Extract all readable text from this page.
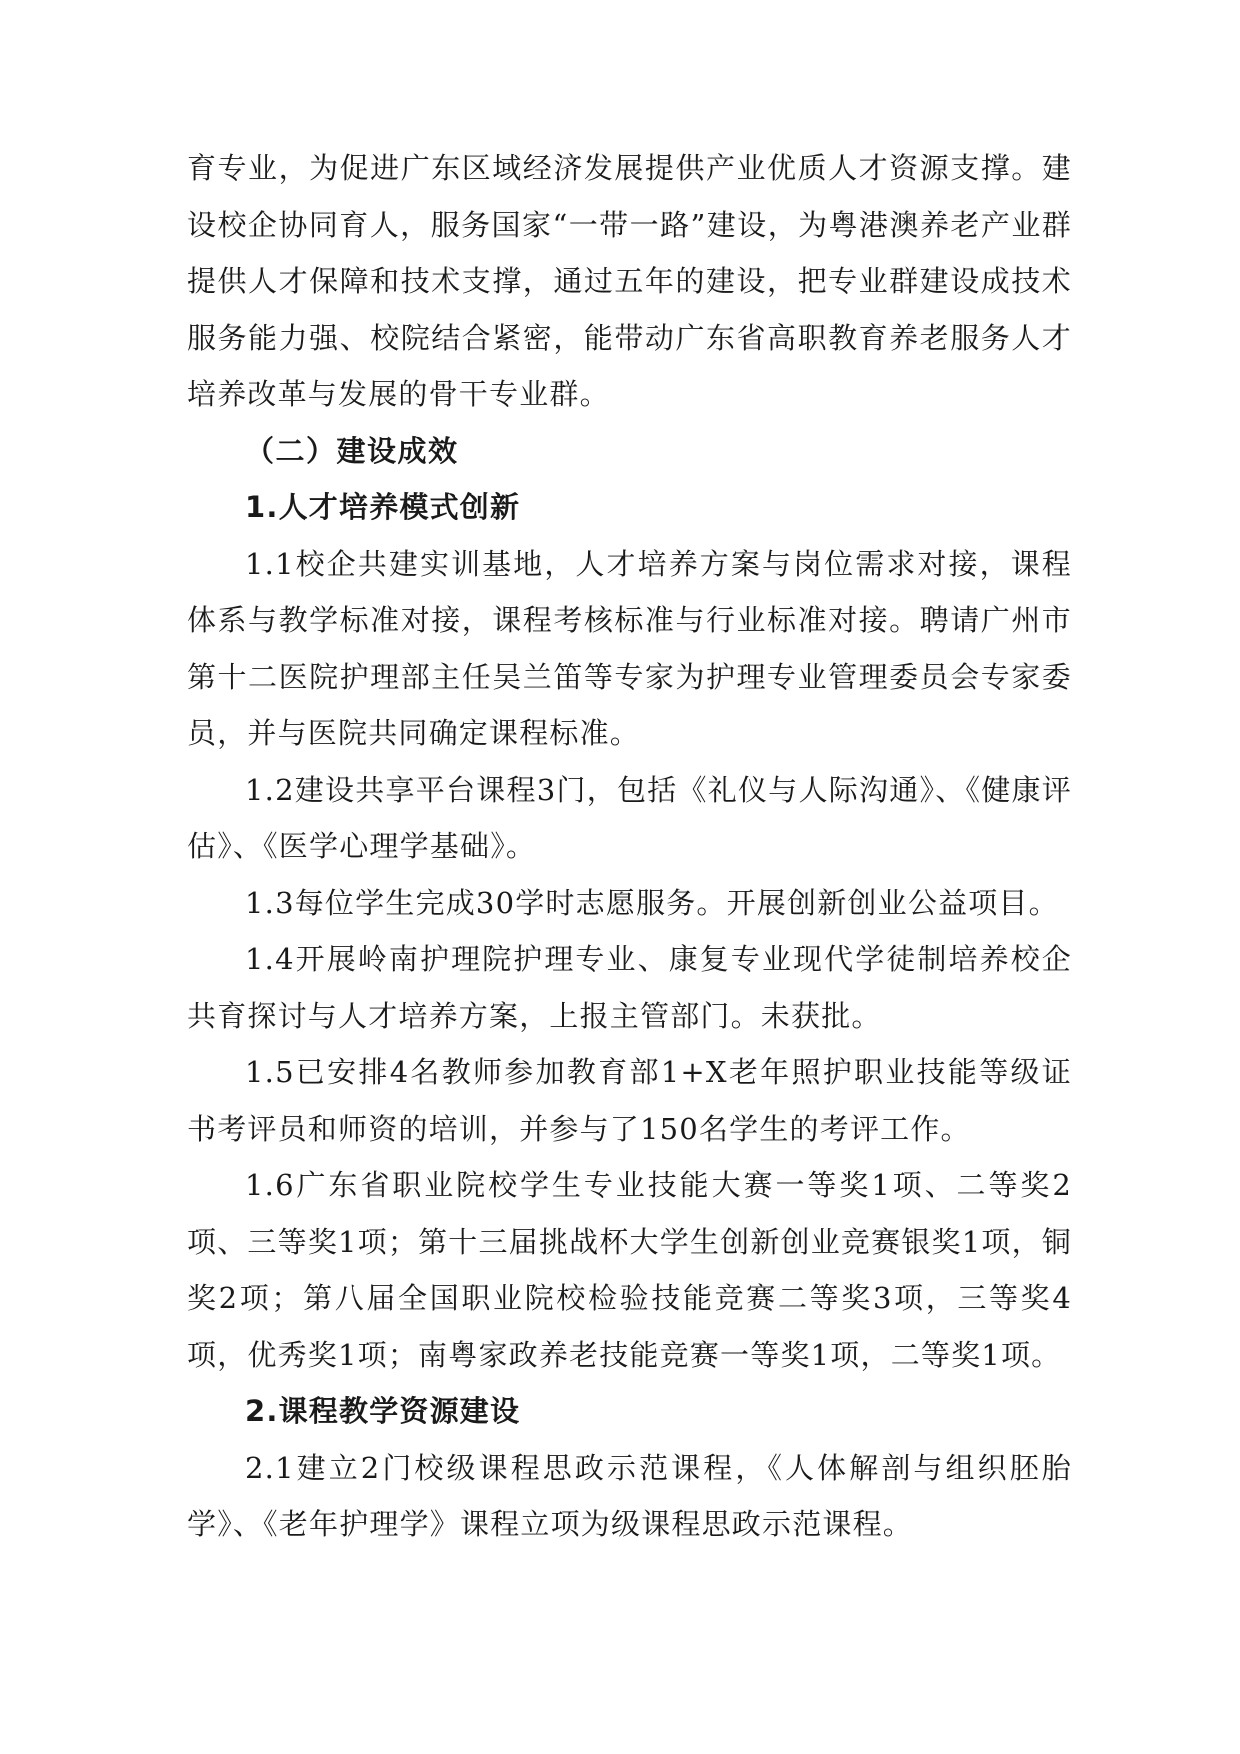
育专业，为促进广东区域经济发展提供产业优质人才资源支撑。建设校企协同育人，服务国家“一带一路”建设，为粤港澳养老产业群提供人才保障和技术支撑，通过五年的建设，把专业群建设成技术服务能力强、校院结合紧密，能带动广东省高职教育养老服务人才培养改革与发展的骨干专业群。

（二）建设成效

1.人才培养模式创新

1.1校企共建实训基地，人才培养方案与岗位需求对接，课程体系与教学标准对接，课程考核标准与行业标准对接。聘请广州市第十二医院护理部主任吴兰笛等专家为护理专业管理委员会专家委员，并与医院共同确定课程标准。

1.2建设共享平台课程3门，包括《礼仪与人际沟通》、《健康评估》、《医学心理学基础》。

1.3每位学生完成30学时志愿服务。开展创新创业公益项目。

1.4开展岭南护理院护理专业、康复专业现代学徒制培养校企共育探讨与人才培养方案，上报主管部门。未获批。

1.5已安排4名教师参加教育部1+X老年照护职业技能等级证书考评员和师资的培训，并参与了150名学生的考评工作。

1.6广东省职业院校学生专业技能大赛一等奖1项、二等奖2项、三等奖1项；第十三届挑战杯大学生创新创业竞赛银奖1项，铜奖2项；第八届全国职业院校检验技能竞赛二等奖3项，三等奖4项，优秀奖1项；南粤家政养老技能竞赛一等奖1项，二等奖1项。

2.课程教学资源建设

2.1建立2门校级课程思政示范课程，《人体解剖与组织胚胎学》、《老年护理学》课程立项为级课程思政示范课程。
